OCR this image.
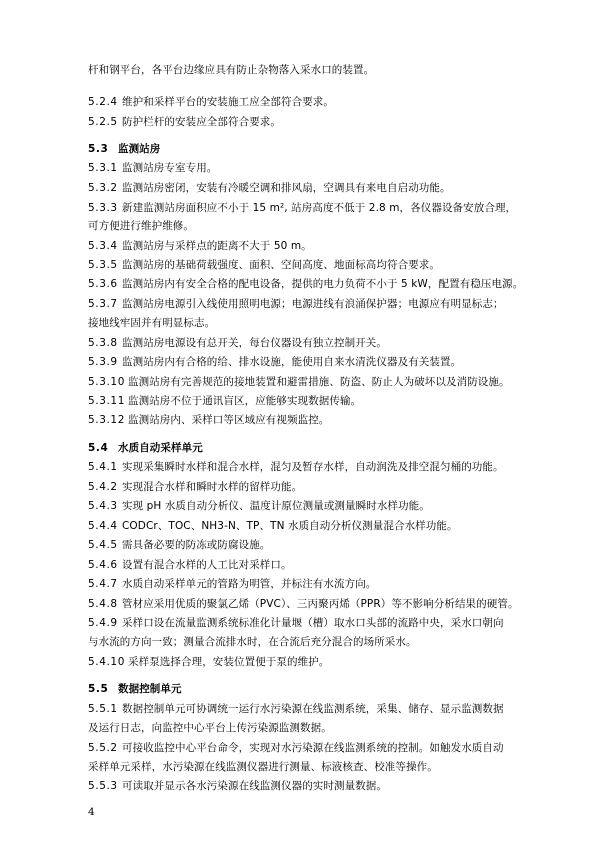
杆和钢平台，各平台边缘应具有防止杂物落入采水口的装置。
5.2.4 维护和采样平台的安装施工应全部符合要求。
5.2.5 防护栏杆的安装应全部符合要求。
5.3 监测站房
5.3.1 监测站房专室专用。
5.3.2 监测站房密闭，安装有冷暖空调和排风扇，空调具有来电自启动功能。
5.3.3 新建监测站房面积应不小于 15 m², 站房高度不低于 2.8 m，各仪器设备安放合理，
可方便进行维护维修。
5.3.4 监测站房与采样点的距离不大于 50 m。
5.3.5 监测站房的基础荷载强度、面积、空间高度、地面标高均符合要求。
5.3.6 监测站房内有安全合格的配电设备，提供的电力负荷不小于 5 kW，配置有稳压电源。
5.3.7 监测站房电源引入线使用照明电源；电源进线有浪涌保护器；电源应有明显标志；
接地线牢固并有明显标志。
5.3.8 监测站房电源设有总开关，每台仪器设有独立控制开关。
5.3.9 监测站房内有合格的给、排水设施，能使用自来水清洗仪器及有关装置。
5.3.10 监测站房有完善规范的接地装置和避雷措施、防盗、防止人为破坏以及消防设施。
5.3.11 监测站房不位于通讯盲区，应能够实现数据传输。
5.3.12 监测站房内、采样口等区域应有视频监控。
5.4 水质自动采样单元
5.4.1 实现采集瞬时水样和混合水样，混匀及暂存水样，自动润洗及排空混匀桶的功能。
5.4.2 实现混合水样和瞬时水样的留样功能。
5.4.3 实现 pH 水质自动分析仪、温度计原位测量或测量瞬时水样功能。
5.4.4 CODCr、TOC、NH3-N、TP、TN 水质自动分析仪测量混合水样功能。
5.4.5 需具备必要的防冻或防腐设施。
5.4.6 设置有混合水样的人工比对采样口。
5.4.7 水质自动采样单元的管路为明管，并标注有水流方向。
5.4.8 管材应采用优质的聚氯乙烯（PVC）、三丙聚丙烯（PPR）等不影响分析结果的硬管。
5.4.9 采样口设在流量监测系统标准化计量堰（槽）取水口头部的流路中央，采水口朝向
与水流的方向一致；测量合流排水时，在合流后充分混合的场所采水。
5.4.10 采样泵选择合理，安装位置便于泵的维护。
5.5 数据控制单元
5.5.1 数据控制单元可协调统一运行水污染源在线监测系统，采集、储存、显示监测数据
及运行日志，向监控中心平台上传污染源监测数据。
5.5.2 可接收监控中心平台命令，实现对水污染源在线监测系统的控制。如触发水质自动
采样单元采样，水污染源在线监测仪器进行测量、标液核查、校准等操作。
5.5.3 可读取并显示各水污染源在线监测仪器的实时测量数据。
4
